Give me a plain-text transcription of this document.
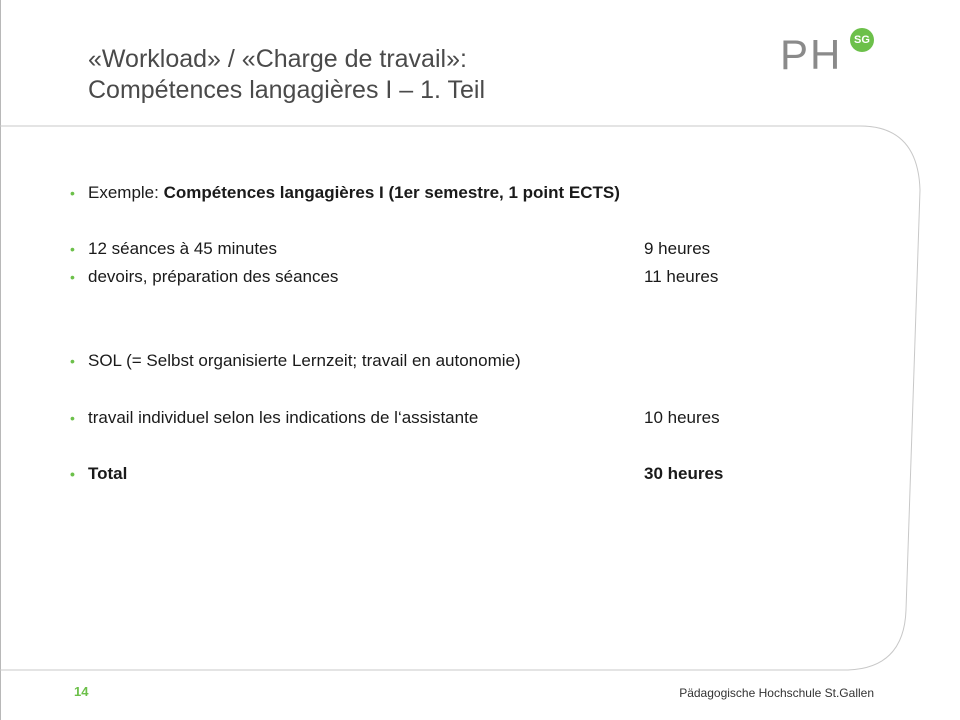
«Workload» / «Charge de travail»:
Compétences langagières I – 1. Teil
PH	SG
• Exemple: Compétences langagières I (1er semestre, 1 point ECTS)
• 12 séances à 45 minutes	9 heures
• devoirs, préparation des séances	11 heures
• SOL (= Selbst organisierte Lernzeit; travail en autonomie)
• travail individuel selon les indications de l‘assistante	10 heures
• Total	30 heures
14	Pädagogische Hochschule St.Gallen
